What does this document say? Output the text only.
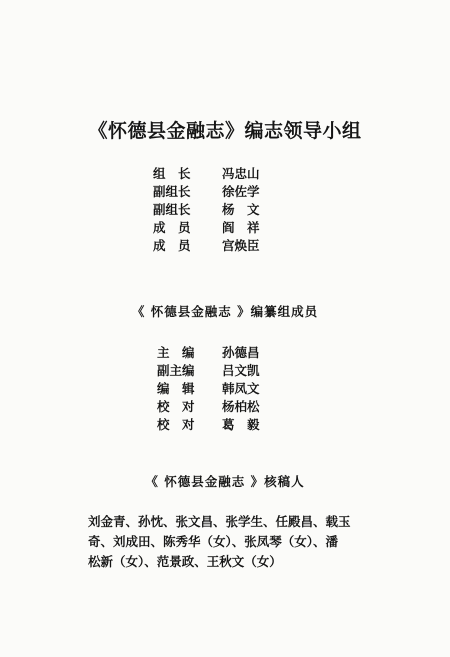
《怀德县金融志》编志领导小组
组　长	冯忠山
副组长	徐佐学
副组长	杨　文
成　员	阎　祥
成　员	宫焕臣
《 怀德县金融志 》编纂组成员
主　编 孙德昌
副主编 吕文凯
编　辑 韩凤文
校　对 杨柏松
校　对 葛　毅
《 怀德县金融志 》核稿人
刘金青、孙忱、张文昌、张学生、任殿昌、载玉
奇、刘成田、陈秀华（女）、张凤琴（女）、潘
松新（女）、范景政、王秋文（女）
